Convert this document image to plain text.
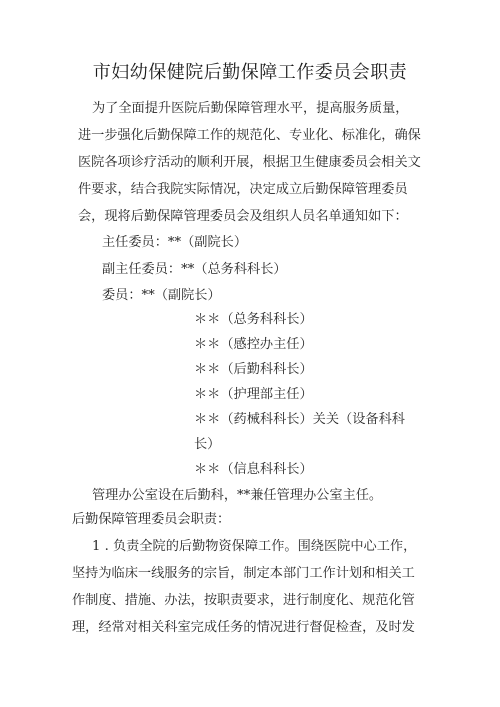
市妇幼保健院后勤保障工作委员会职责
为了全面提升医院后勤保障管理水平，提高服务质量，
进一步强化后勤保障工作的规范化、专业化、标准化，确保
医院各项诊疗活动的顺利开展，根据卫生健康委员会相关文
件要求，结合我院实际情况，决定成立后勤保障管理委员
会，现将后勤保障管理委员会及组织人员名单通知如下：
主任委员：**（副院长）
副主任委员：**（总务科科长）
委员：**（副院长）
＊＊（总务科科长）
＊＊（感控办主任）
＊＊（后勤科科长）
＊＊（护理部主任）
＊＊（药械科科长）关关（设备科科
长）
＊＊（信息科科长）
管理办公室设在后勤科，**兼任管理办公室主任。
后勤保障管理委员会职责：
1 . 负责全院的后勤物资保障工作。围绕医院中心工作，
坚持为临床一线服务的宗旨，制定本部门工作计划和相关工
作制度、措施、办法，按职责要求，进行制度化、规范化管
理，经常对相关科室完成任务的情况进行督促检查，及时发
